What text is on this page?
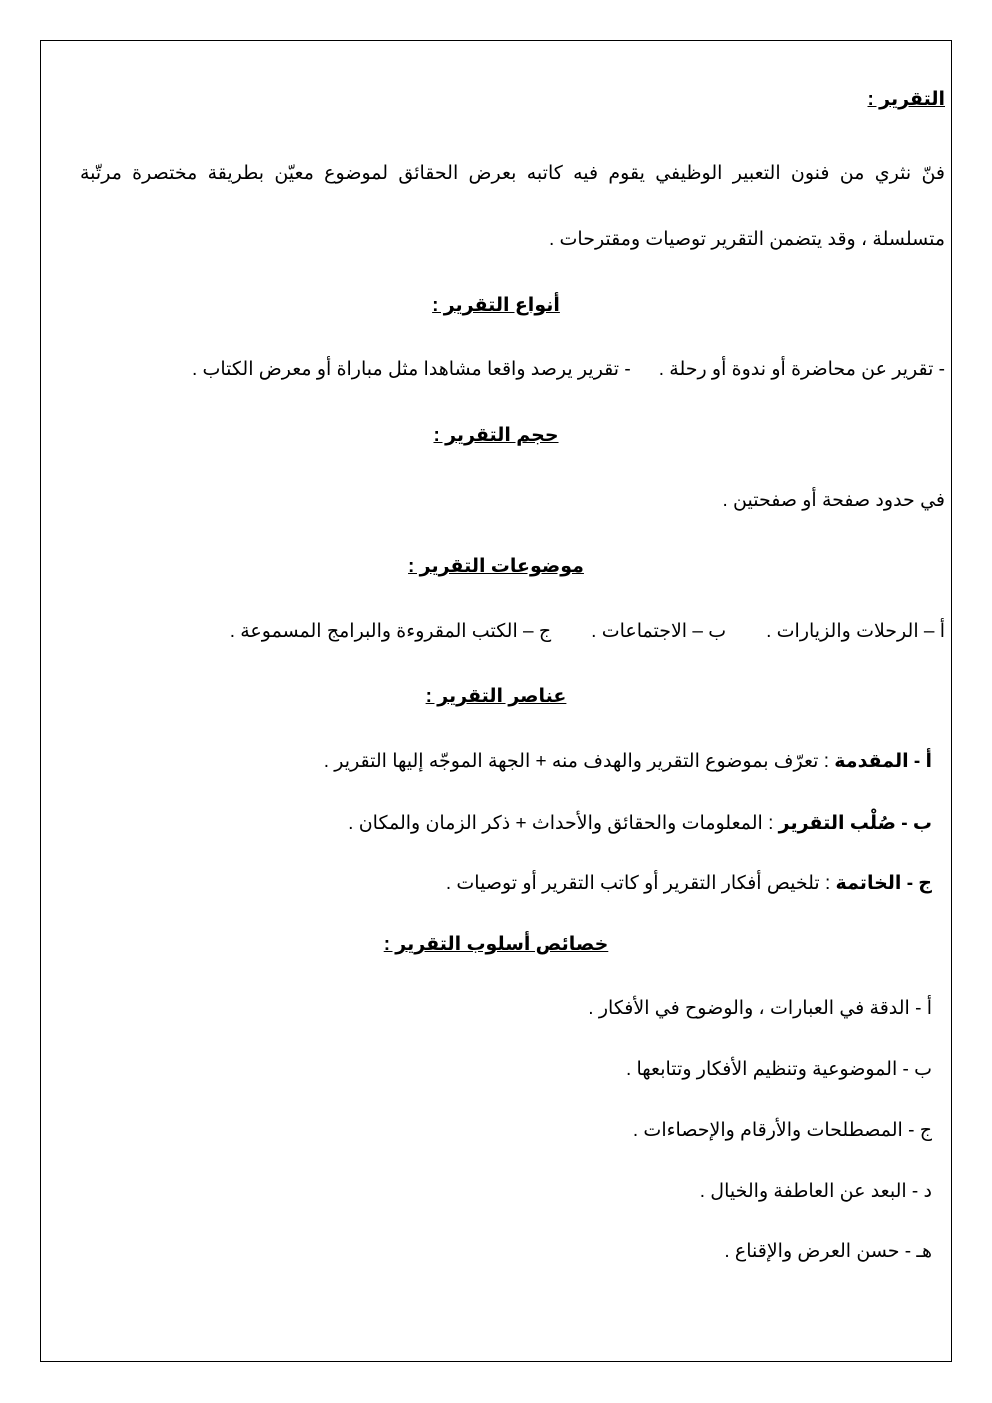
التقرير :
فنّ نثري من فنون التعبير الوظيفي يقوم فيه كاتبه بعرض الحقائق لموضوع معيّن بطريقة مختصرة مرتّبة
متسلسلة ، وقد يتضمن التقرير توصيات ومقترحات .
أنواع التقرير :
- تقرير عن محاضرة أو ندوة أو رحلة .- تقرير يرصد واقعا مشاهدا مثل مباراة أو معرض الكتاب .
حجم التقرير :
في حدود صفحة أو صفحتين .
موضوعات التقرير :
أ – الرحلات والزيارات .ب – الاجتماعات .ج – الكتب المقروءة والبرامج المسموعة .
عناصر التقرير :
أ - المقدمة : تعرّف بموضوع التقرير والهدف منه + الجهة الموجّه إليها التقرير .
ب - صُلْب التقرير : المعلومات والحقائق والأحداث + ذكر الزمان والمكان .
ج - الخاتمة : تلخيص أفكار التقرير أو كاتب التقرير أو توصيات .
خصائص أسلوب التقرير :
أ - الدقة في العبارات ، والوضوح في الأفكار .
ب - الموضوعية وتنظيم الأفكار وتتابعها .
ج - المصطلحات والأرقام والإحصاءات .
د - البعد عن العاطفة والخيال .
هـ - حسن العرض والإقناع .
